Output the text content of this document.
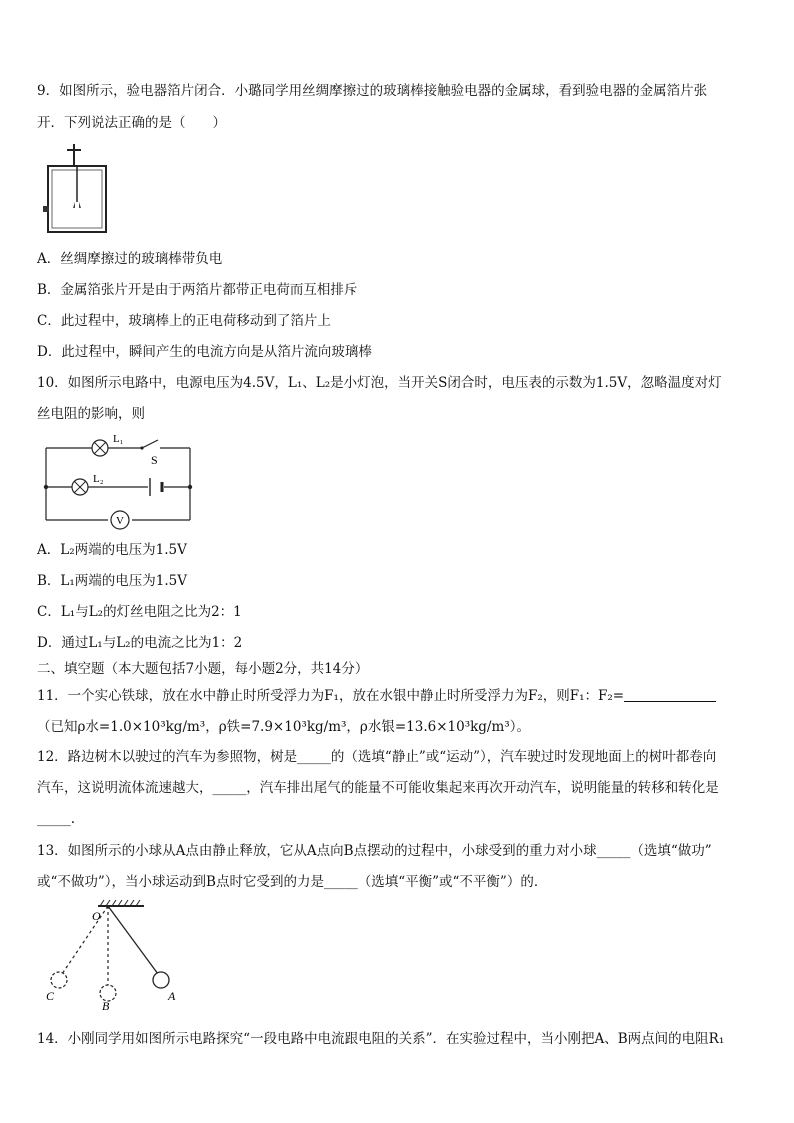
9．如图所示，验电器箔片闭合．小璐同学用丝绸摩擦过的玻璃棒接触验电器的金属球，看到验电器的金属箔片张
开．下列说法正确的是（　　）
A．丝绸摩擦过的玻璃棒带负电
B．金属箔张片开是由于两箔片都带正电荷而互相排斥
C．此过程中，玻璃棒上的正电荷移动到了箔片上
D．此过程中，瞬间产生的电流方向是从箔片流向玻璃棒
10．如图所示电路中，电源电压为4.5V，L₁、L₂是小灯泡，当开关S闭合时，电压表的示数为1.5V，忽略温度对灯
丝电阻的影响，则
V
L₁
L₂
S
A．L₂两端的电压为1.5V
B．L₁两端的电压为1.5V
C．L₁与L₂的灯丝电阻之比为2：1
D．通过L₁与L₂的电流之比为1：2
二、填空题（本大题包括7小题，每小题2分，共14分）
11．一个实心铁球，放在水中静止时所受浮力为F₁，放在水银中静止时所受浮力为F₂，则F₁：F₂=
（已知ρ水=1.0×10³kg/m³，ρ铁=7.9×10³kg/m³，ρ水银=13.6×10³kg/m³）。
12．路边树木以驶过的汽车为参照物，树是_____的（选填“静止”或“运动”），汽车驶过时发现地面上的树叶都卷向
汽车，这说明流体流速越大，_____，汽车排出尾气的能量不可能收集起来再次开动汽车，说明能量的转移和转化是
_____.
13．如图所示的小球从A点由静止释放，它从A点向B点摆动的过程中，小球受到的重力对小球_____（选填“做功”
或“不做功”），当小球运动到B点时它受到的力是_____（选填“平衡”或“不平衡”）的．
O
A
B
C
14．小刚同学用如图所示电路探究“一段电路中电流跟电阻的关系”．在实验过程中，当小刚把A、B两点间的电阻R₁
